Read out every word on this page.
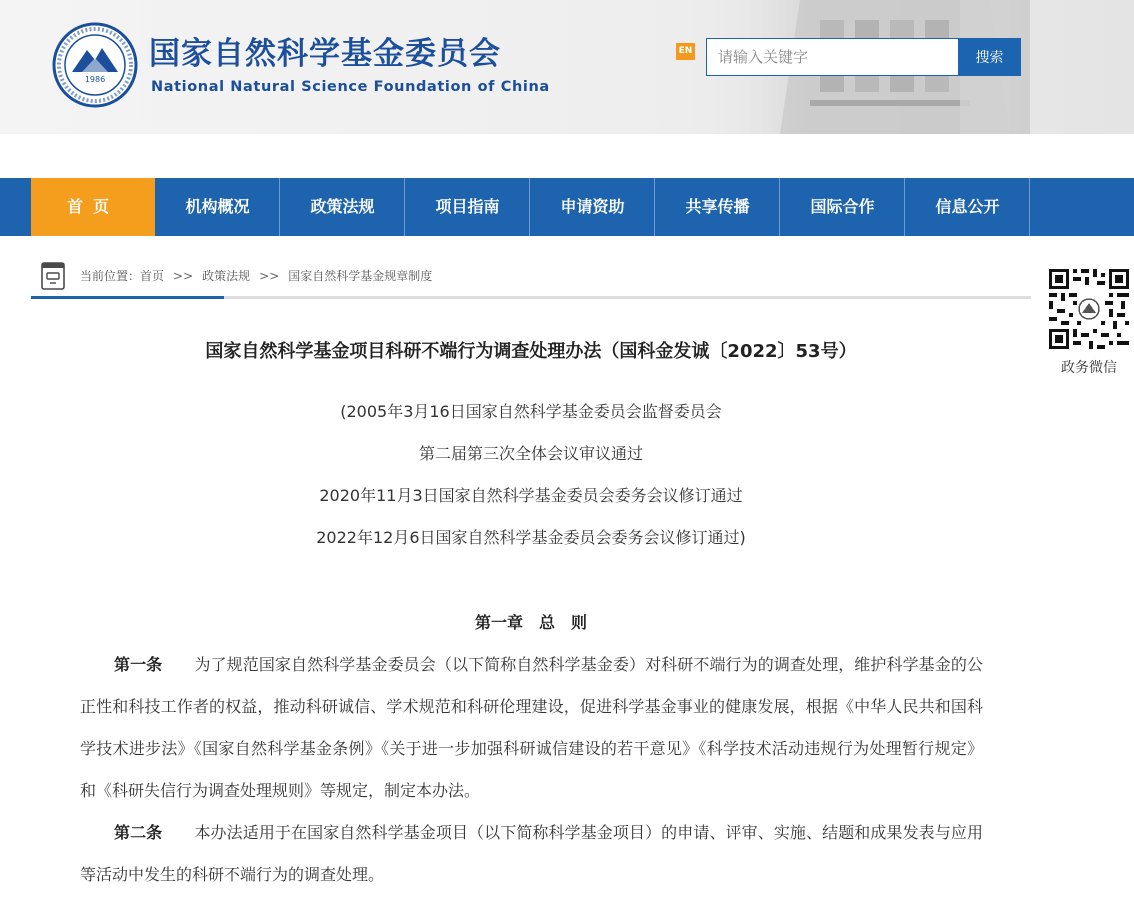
1986
国家自然科学基金委员会
National Natural Science Foundation of China
EN
请输入关键字	搜索
首页	机构概况	政策法规	项目指南	申请资助	共享传播	国际合作	信息公开
当前位置：首页 >> 政策法规 >> 国家自然科学基金规章制度
政务微信
国家自然科学基金项目科研不端行为调查处理办法（国科金发诚〔2022〕53号）
(2005年3月16日国家自然科学基金委员会监督委员会
第二届第三次全体会议审议通过
2020年11月3日国家自然科学基金委员会委务会议修订通过
2022年12月6日国家自然科学基金委员会委务会议修订通过)
第一章　总　则
第一条　　 为了规范国家自然科学基金委员会（以下简称自然科学基金委）对科研不端行为的调查处理，维护科学基金的公正性和科技工作者的权益，推动科研诚信、学术规范和科研伦理建设，促进科学基金事业的健康发展，根据《中华人民共和国科学技术进步法》《国家自然科学基金条例》《关于进一步加强科研诚信建设的若干意见》《科学技术活动违规行为处理暂行规定》和《科研失信行为调查处理规则》等规定，制定本办法。
第二条　　 本办法适用于在国家自然科学基金项目（以下简称科学基金项目）的申请、评审、实施、结题和成果发表与应用等活动中发生的科研不端行为的调查处理。
